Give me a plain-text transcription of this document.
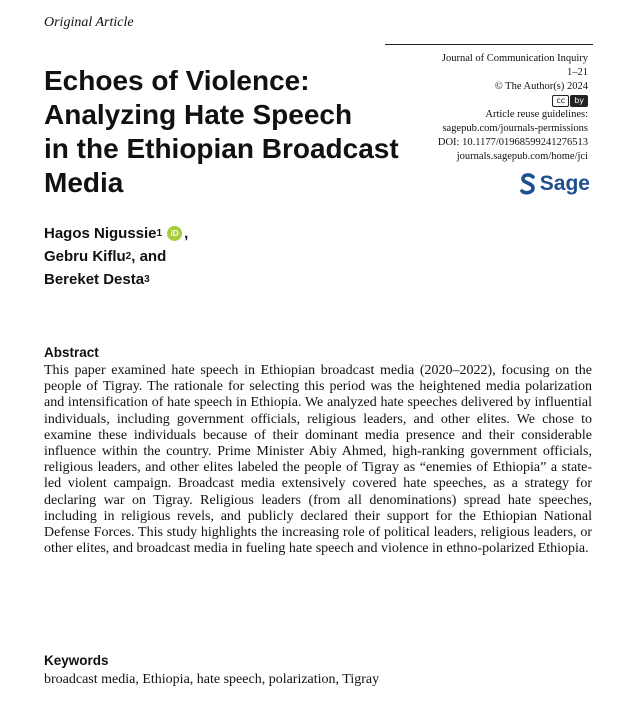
Original Article
Echoes of Violence:
Analyzing Hate Speech
in the Ethiopian Broadcast
Media
Journal of Communication Inquiry
1–21
© The Author(s) 2024
cc	by
Article reuse guidelines:
sagepub.com/journals-permissions
DOI: 10.1177/01968599241276513
journals.sagepub.com/home/jci
Sage
Hagos Nigussie 1	iD ,
Gebru Kiflu 2 , and
Bereket Desta 3
Abstract

This paper examined hate speech in Ethiopian broadcast media (2020–2022), focusing on the people of Tigray. The rationale for selecting this period was the heightened media polarization and intensification of hate speech in Ethiopia. We analyzed hate speeches delivered by influential individuals, including government officials, religious leaders, and other elites. We chose to examine these individuals because of their dominant media presence and their considerable influence within the country. Prime Minister Abiy Ahmed, high-ranking government officials, religious leaders, and other elites labeled the people of Tigray as “enemies of Ethiopia” a state-led violent campaign. Broadcast media extensively covered hate speeches, as a strategy for declaring war on Tigray. Religious leaders (from all denominations) spread hate speeches, including in religious revels, and publicly declared their support for the Ethiopian National Defense Forces. This study highlights the increasing role of political leaders, religious leaders, or other elites, and broadcast media in fueling hate speech and violence in ethno-polarized Ethiopia.

Keywords
broadcast media, Ethiopia, hate speech, polarization, Tigray
